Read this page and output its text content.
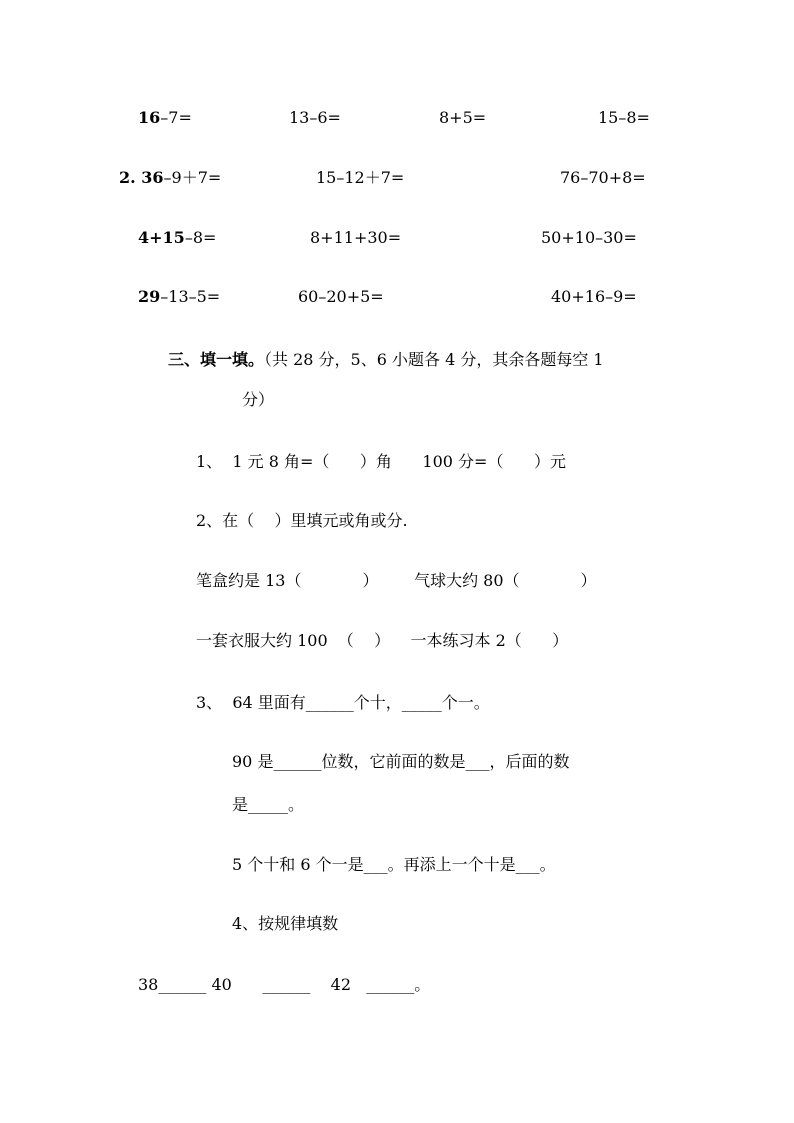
16–7=	13–6=	8+5=	15–8=
2. 36–9＋7=	15–12＋7=	76–70+8=
4+15–8=	8+11+30=	50+10–30=
29–13–5=	60–20+5=	40+16–9=
三、填一填。（共 28 分，5、6 小题各 4 分，其余各题每空 1
分）
1、  1 元 8 角=（      ）角      100 分=（      ）元
2、在（    ）里填元或角或分.
笔盒约是 13（            ）       气球大约 80（            ）
一套衣服大约 100  （    ）    一本练习本 2（      ）
3、  64 里面有______个十，_____个一。
90 是______位数，它前面的数是___，后面的数
是_____。
5 个十和 6 个一是___。再添上一个十是___。
4、按规律填数
38______ 40      ______    42   ______。
